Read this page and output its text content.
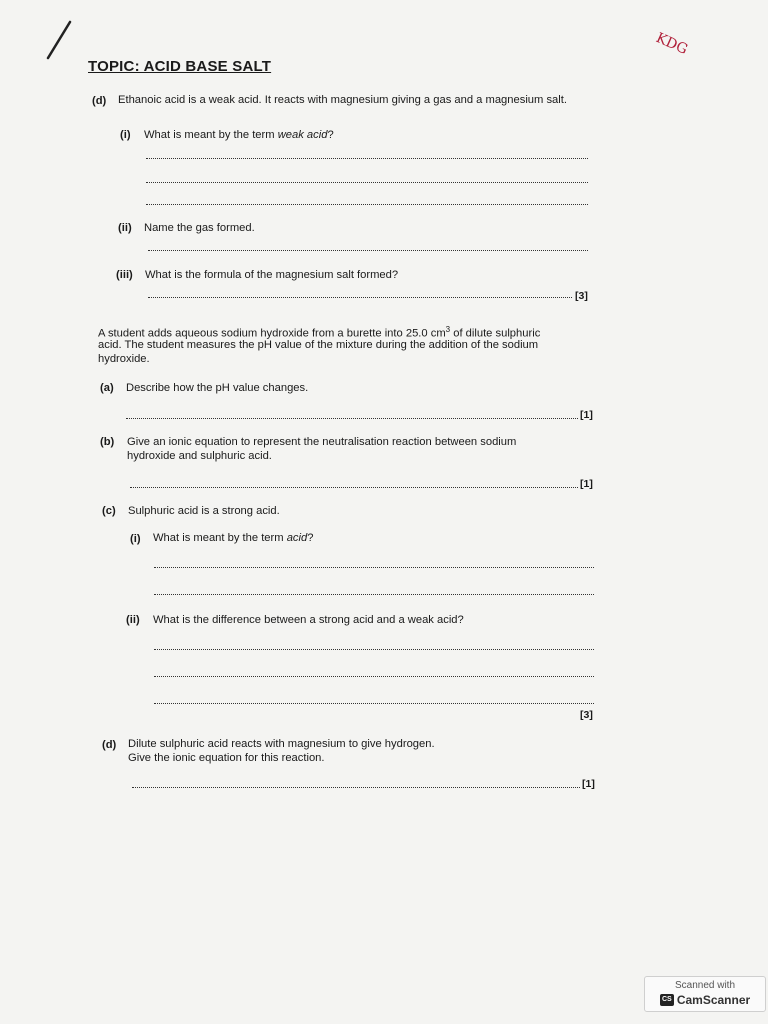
KDG
TOPIC: ACID BASE SALT
(d) Ethanoic acid is a weak acid. It reacts with magnesium giving a gas and a magnesium salt.
(i) What is meant by the term weak acid?
(ii) Name the gas formed.
(iii) What is the formula of the magnesium salt formed?
[3]
A student adds aqueous sodium hydroxide from a burette into 25.0 $cm^3$ of dilute sulphuric
acid. The student measures the pH value of the mixture during the addition of the sodium
hydroxide.
(a) Describe how the pH value changes.
[1]
(b) Give an ionic equation to represent the neutralisation reaction between sodium
hydroxide and sulphuric acid.
[1]
(c) Sulphuric acid is a strong acid.
(i) What is meant by the term acid?
(ii) What is the difference between a strong acid and a weak acid?
[3]
(d) Dilute sulphuric acid reacts with magnesium to give hydrogen.
Give the ionic equation for this reaction.
[1]
Scanned with
CS CamScanner
